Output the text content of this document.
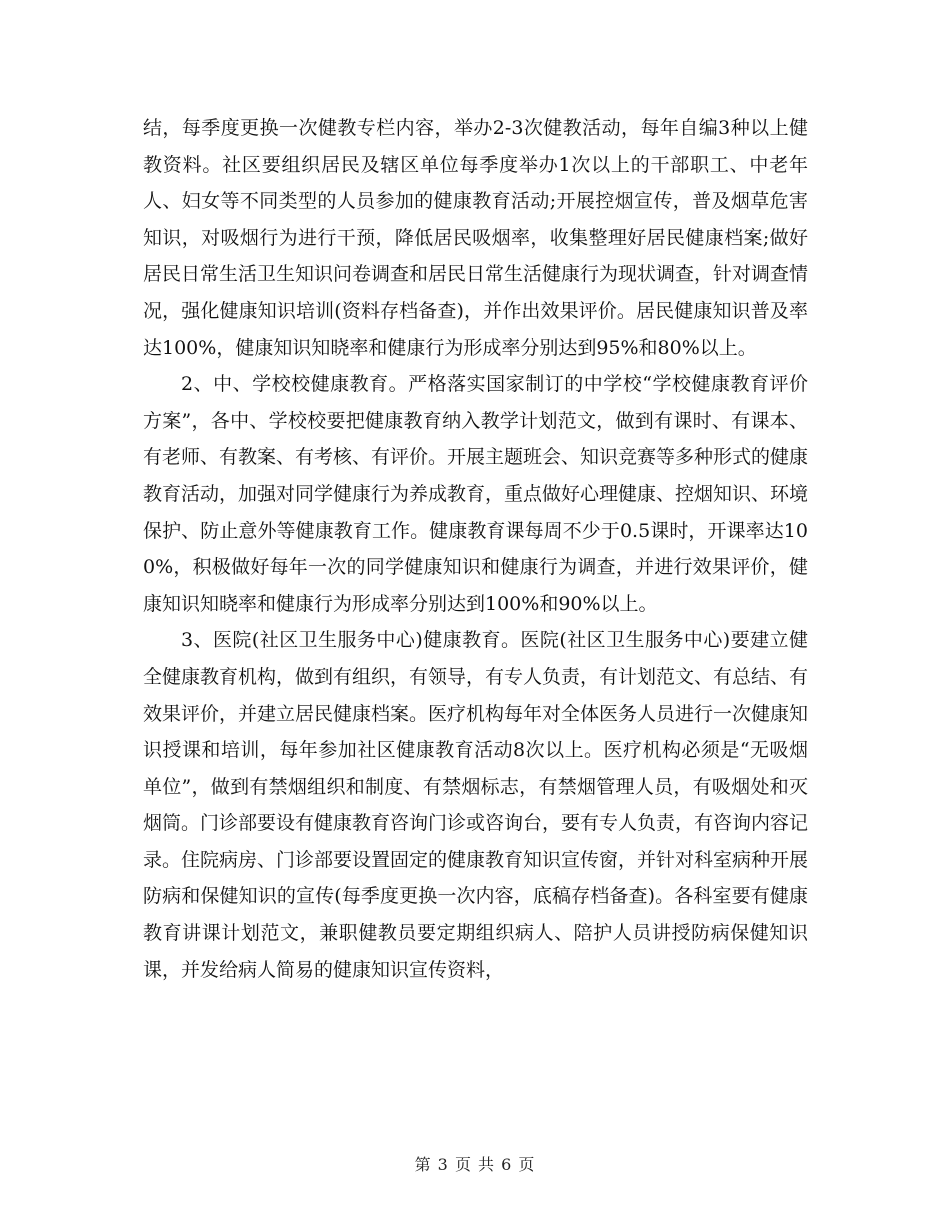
结，每季度更换一次健教专栏内容，举办2-3次健教活动，每年自编3种以上健教资料。社区要组织居民及辖区单位每季度举办1次以上的干部职工、中老年人、妇女等不同类型的人员参加的健康教育活动;开展控烟宣传，普及烟草危害知识，对吸烟行为进行干预，降低居民吸烟率，收集整理好居民健康档案;做好居民日常生活卫生知识问卷调查和居民日常生活健康行为现状调查，针对调查情况，强化健康知识培训(资料存档备查)，并作出效果评价。居民健康知识普及率达100%，健康知识知晓率和健康行为形成率分别达到95%和80%以上。

2、中、学校校健康教育。严格落实国家制订的中学校“学校健康教育评价方案”，各中、学校校要把健康教育纳入教学计划范文，做到有课时、有课本、有老师、有教案、有考核、有评价。开展主题班会、知识竞赛等多种形式的健康教育活动，加强对同学健康行为养成教育，重点做好心理健康、控烟知识、环境保护、防止意外等健康教育工作。健康教育课每周不少于0.5课时，开课率达100%，积极做好每年一次的同学健康知识和健康行为调查，并进行效果评价，健康知识知晓率和健康行为形成率分别达到100%和90%以上。

3、医院(社区卫生服务中心)健康教育。医院(社区卫生服务中心)要建立健全健康教育机构，做到有组织，有领导，有专人负责，有计划范文、有总结、有效果评价，并建立居民健康档案。医疗机构每年对全体医务人员进行一次健康知识授课和培训，每年参加社区健康教育活动8次以上。医疗机构必须是“无吸烟单位”，做到有禁烟组织和制度、有禁烟标志，有禁烟管理人员，有吸烟处和灭烟筒。门诊部要设有健康教育咨询门诊或咨询台，要有专人负责，有咨询内容记录。住院病房、门诊部要设置固定的健康教育知识宣传窗，并针对科室病种开展防病和保健知识的宣传(每季度更换一次内容，底稿存档备查)。各科室要有健康教育讲课计划范文，兼职健教员要定期组织病人、陪护人员讲授防病保健知识课，并发给病人简易的健康知识宣传资料，

第 3 页 共 6 页
